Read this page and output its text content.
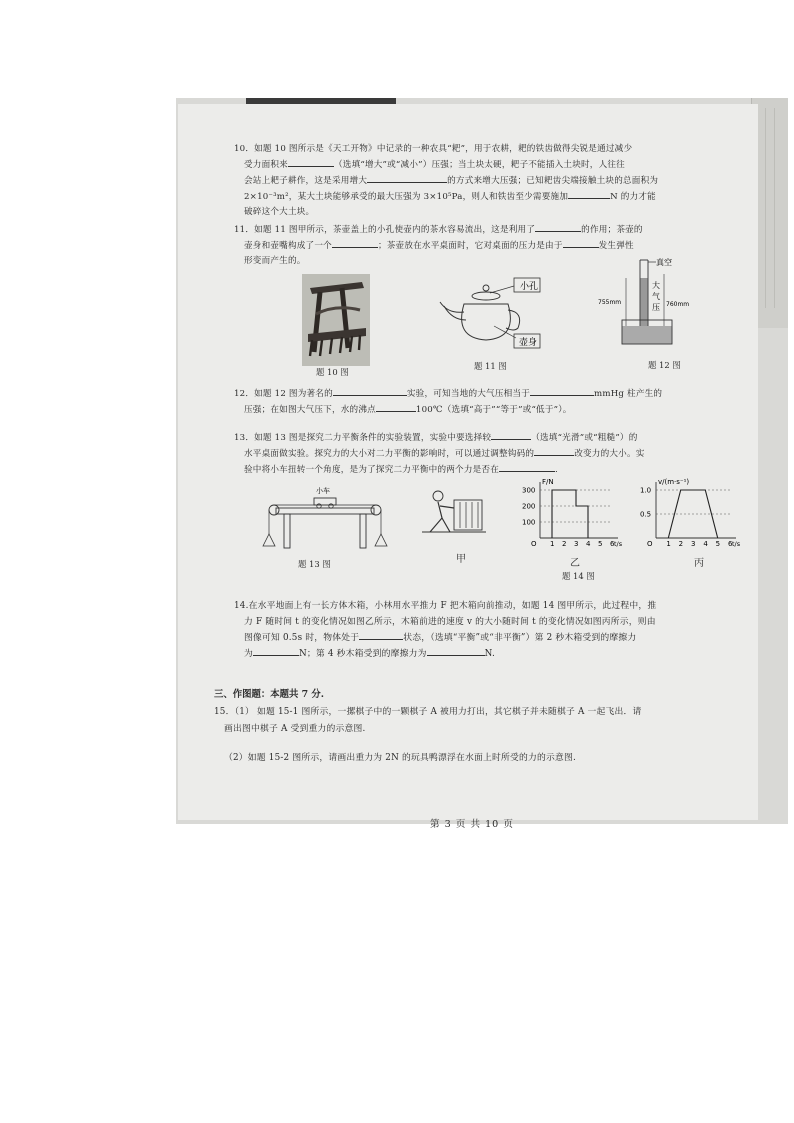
10．如题 10 图所示是《天工开物》中记录的一种农具“耙”，用于农耕，耙的铁齿做得尖锐是通过减少
受力面积来	（选填“增大”或“减小”）压强；当土块太硬，耙子不能插入土块时，人往往
会站上耙子耕作，这是采用增大	的方式来增大压强；已知耙齿尖端接触土块的总面积为
2×10⁻³m²，某大土块能够承受的最大压强为 3×10⁵Pa，则人和铁齿至少需要施加	N 的力才能
破碎这个大土块。
11．如题 11 图甲所示，茶壶盖上的小孔使壶内的茶水容易流出，这是利用了	的作用；茶壶的
壶身和壶嘴构成了一个	；茶壶放在水平桌面时，它对桌面的压力是由于	发生弹性
形变而产生的。
题 10 图
小孔
壶身
题 11 图
真空
755mm	760mm
大
气
压
题 12 图
12．如题 12 图为著名的	实验，可知当地的大气压相当于	mmHg 柱产生的
压强；在如图大气压下，水的沸点	100℃（选填“高于”“等于”或“低于”）。
13．如题 13 图是探究二力平衡条件的实验装置，实验中要选择较	（选填“光滑”或“粗糙”）的
水平桌面做实验。探究力的大小对二力平衡的影响时，可以通过调整钩码的	改变力的大小。实
验中将小车扭转一个角度，是为了探究二力平衡中的两个力是否在	.
小车
题 13 图	甲
O
F/N
t/s
1 2 3 4 5 6
100
200
300
乙
O
v/(m·s⁻¹)
t/s
1 2 3 4 5 6
0.5
1.0
丙
题 14 图
14.在水平地面上有一长方体木箱，小林用水平推力 F 把木箱向前推动，如题 14 图甲所示，此过程中，推
力 F 随时间 t 的变化情况如图乙所示，木箱前进的速度 v 的大小随时间 t 的变化情况如图丙所示，则由
图像可知 0.5s 时，物体处于	状态，（选填“平衡”或“非平衡”）第 2 秒木箱受到的摩擦力
为	N；第 4 秒木箱受到的摩擦力为	N.
三、作图题：本题共 7 分.
15．（1） 如题 15-1 图所示，一摞棋子中的一颗棋子 A 被用力打出，其它棋子并未随棋子 A 一起飞出．请
画出图中棋子 A 受到重力的示意图.
（2）如题 15-2 图所示，请画出重力为 2N 的玩具鸭漂浮在水面上时所受的力的示意图.
第 3 页 共 10 页
